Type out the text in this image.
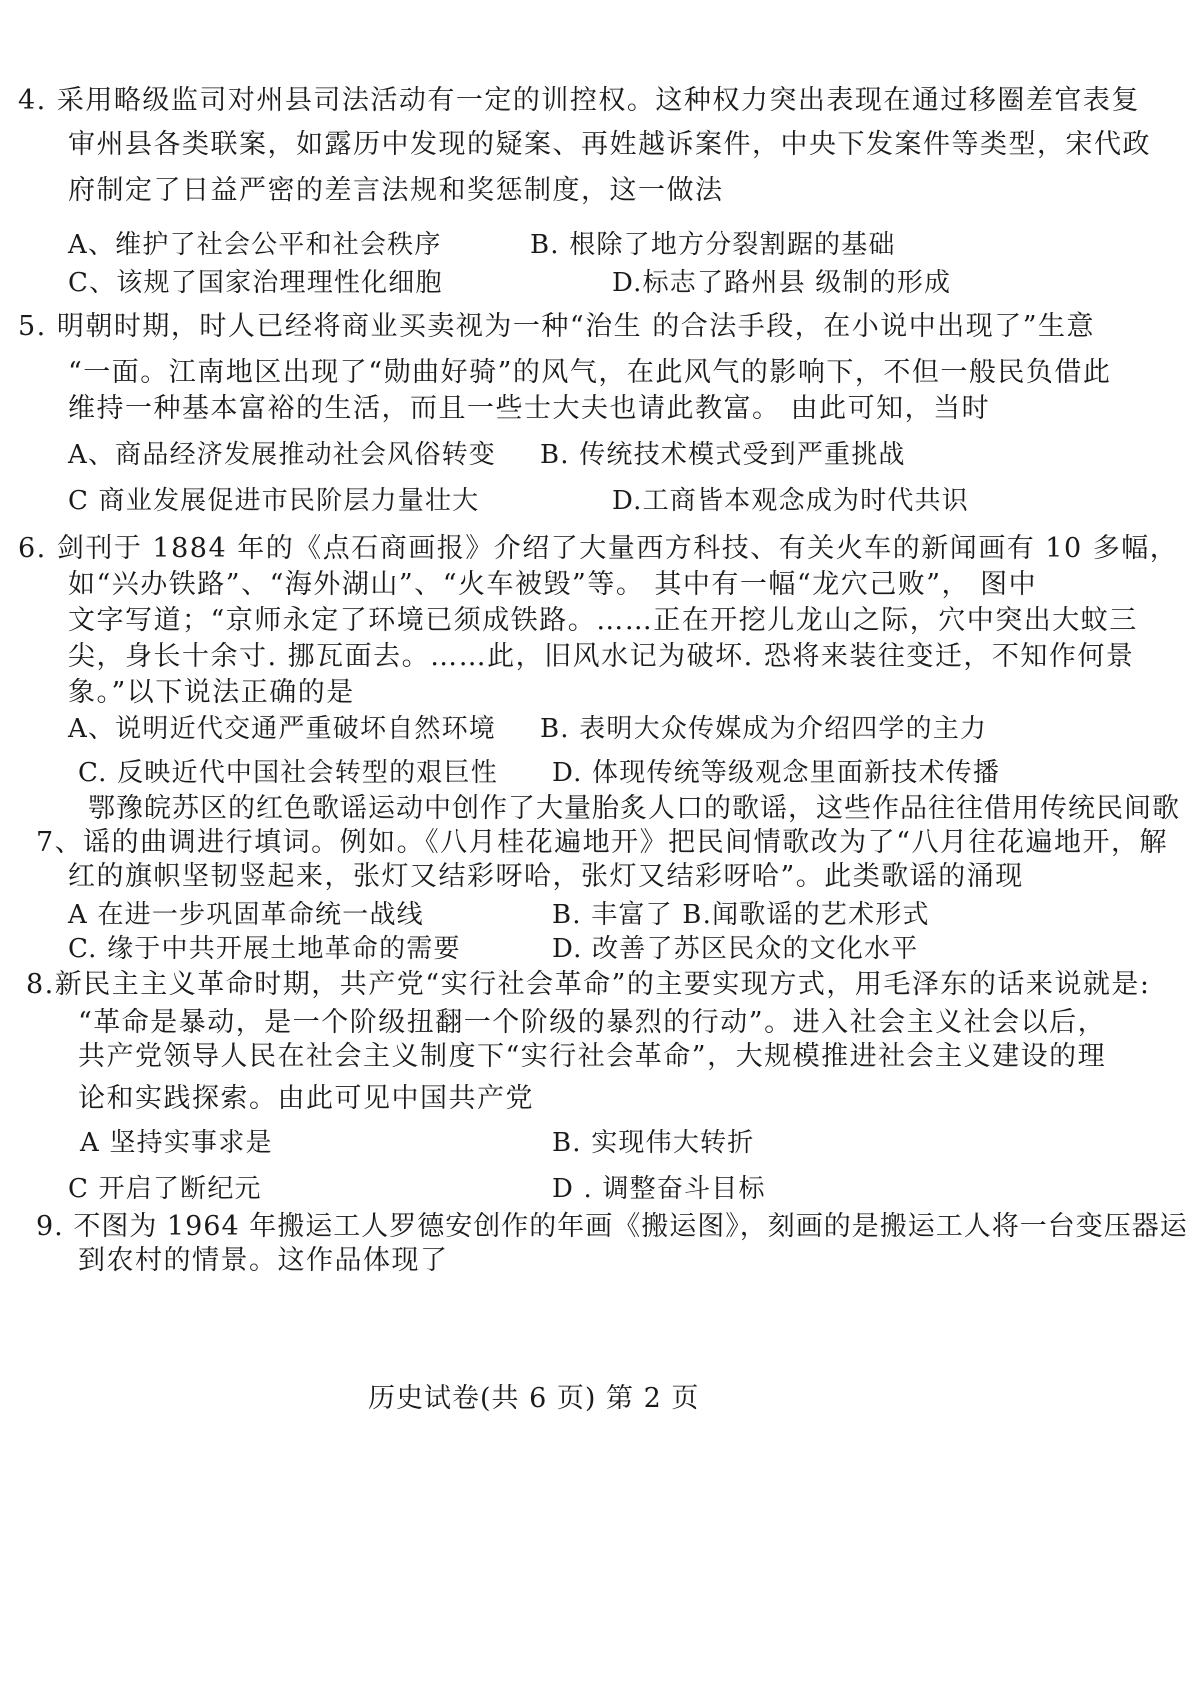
4. 采用略级监司对州县司法活动有一定的训控权。这种权力突出表现在通过移圈差官表复
审州县各类联案，如露历中发现的疑案、再姓越诉案件，中央下发案件等类型，宋代政
府制定了日益严密的差言法规和奖惩制度，这一做法
A、维护了社会公平和社会秩序	B. 根除了地方分裂割踞的基础
C、该规了国家治理理性化细胞	D.标志了路州县 级制的形成
5. 明朝时期，时人已经将商业买卖视为一种“治生 的合法手段，在小说中出现了”生意
“一面。江南地区出现了“勋曲好骑”的风气，在此风气的影响下，不但一般民负借此
维持一种基本富裕的生活，而且一些士大夫也请此教富。 由此可知，当时
A、商品经济发展推动社会风俗转变 B. 传统技术模式受到严重挑战
C 商业发展促进市民阶层力量壮大	D.工商皆本观念成为时代共识
6. 剑刊于 1884 年的《点石商画报》介绍了大量西方科技、有关火车的新闻画有 10 多幅，
如“兴办铁路”、“海外湖山”、“火车被毁”等。 其中有一幅“龙穴己败”， 图中
文字写道；“京师永定了环境已须成铁路。……正在开挖儿龙山之际，穴中突出大蚊三
尖，身长十余寸. 挪瓦面去。……此，旧风水记为破坏. 恐将来装往变迁，不知作何景
象。”以下说法正确的是
A、说明近代交通严重破坏自然环境 B. 表明大众传媒成为介绍四学的主力
C. 反映近代中国社会转型的艰巨性 D. 体现传统等级观念里面新技术传播
鄂豫皖苏区的红色歌谣运动中创作了大量胎炙人口的歌谣，这些作品往往借用传统民间歌
7、谣的曲调进行填词。例如。《八月桂花遍地开》把民间情歌改为了“八月往花遍地开，解
红的旗帜坚韧竖起来，张灯又结彩呀哈，张灯又结彩呀哈”。此类歌谣的涌现
A 在进一步巩固革命统一战线	B. 丰富了 B.闻歌谣的艺术形式
C. 缘于中共开展土地革命的需要	D. 改善了苏区民众的文化水平
8.新民主主义革命时期，共产党“实行社会革命”的主要实现方式，用毛泽东的话来说就是:
“革命是暴动，是一个阶级扭翻一个阶级的暴烈的行动”。进入社会主义社会以后，
共产党领导人民在社会主义制度下“实行社会革命”，大规模推进社会主义建设的理
论和实践探索。由此可见中国共产党
A 坚持实事求是	B. 实现伟大转折
C 开启了断纪元	D . 调整奋斗目标
9. 不图为 1964 年搬运工人罗德安创作的年画《搬运图》，刻画的是搬运工人将一台变压器运
到农村的情景。这作品体现了
历史试卷(共 6 页) 第 2 页
